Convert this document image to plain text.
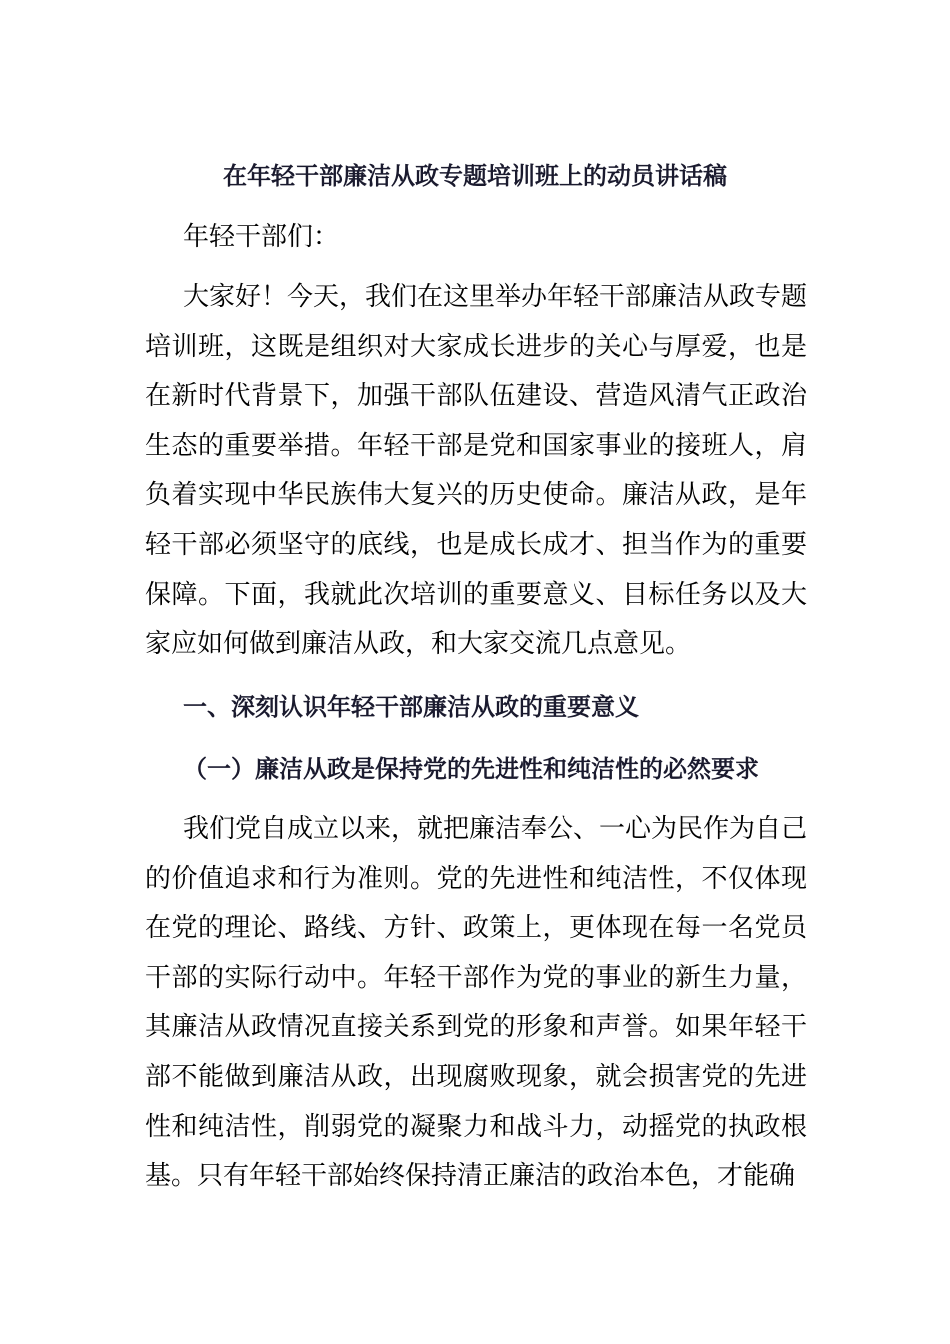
在年轻干部廉洁从政专题培训班上的动员讲话稿
年轻干部们：

大家好！今天，我们在这里举办年轻干部廉洁从政专题培训班，这既是组织对大家成长进步的关心与厚爱，也是在新时代背景下，加强干部队伍建设、营造风清气正政治生态的重要举措。年轻干部是党和国家事业的接班人，肩负着实现中华民族伟大复兴的历史使命。廉洁从政，是年轻干部必须坚守的底线，也是成长成才、担当作为的重要保障。下面，我就此次培训的重要意义、目标任务以及大家应如何做到廉洁从政，和大家交流几点意见。

一、深刻认识年轻干部廉洁从政的重要意义
（一）廉洁从政是保持党的先进性和纯洁性的必然要求

我们党自成立以来，就把廉洁奉公、一心为民作为自己的价值追求和行为准则。党的先进性和纯洁性，不仅体现在党的理论、路线、方针、政策上，更体现在每一名党员干部的实际行动中。年轻干部作为党的事业的新生力量，其廉洁从政情况直接关系到党的形象和声誉。如果年轻干部不能做到廉洁从政，出现腐败现象，就会损害党的先进性和纯洁性，削弱党的凝聚力和战斗力，动摇党的执政根基。只有年轻干部始终保持清正廉洁的政治本色，才能确
